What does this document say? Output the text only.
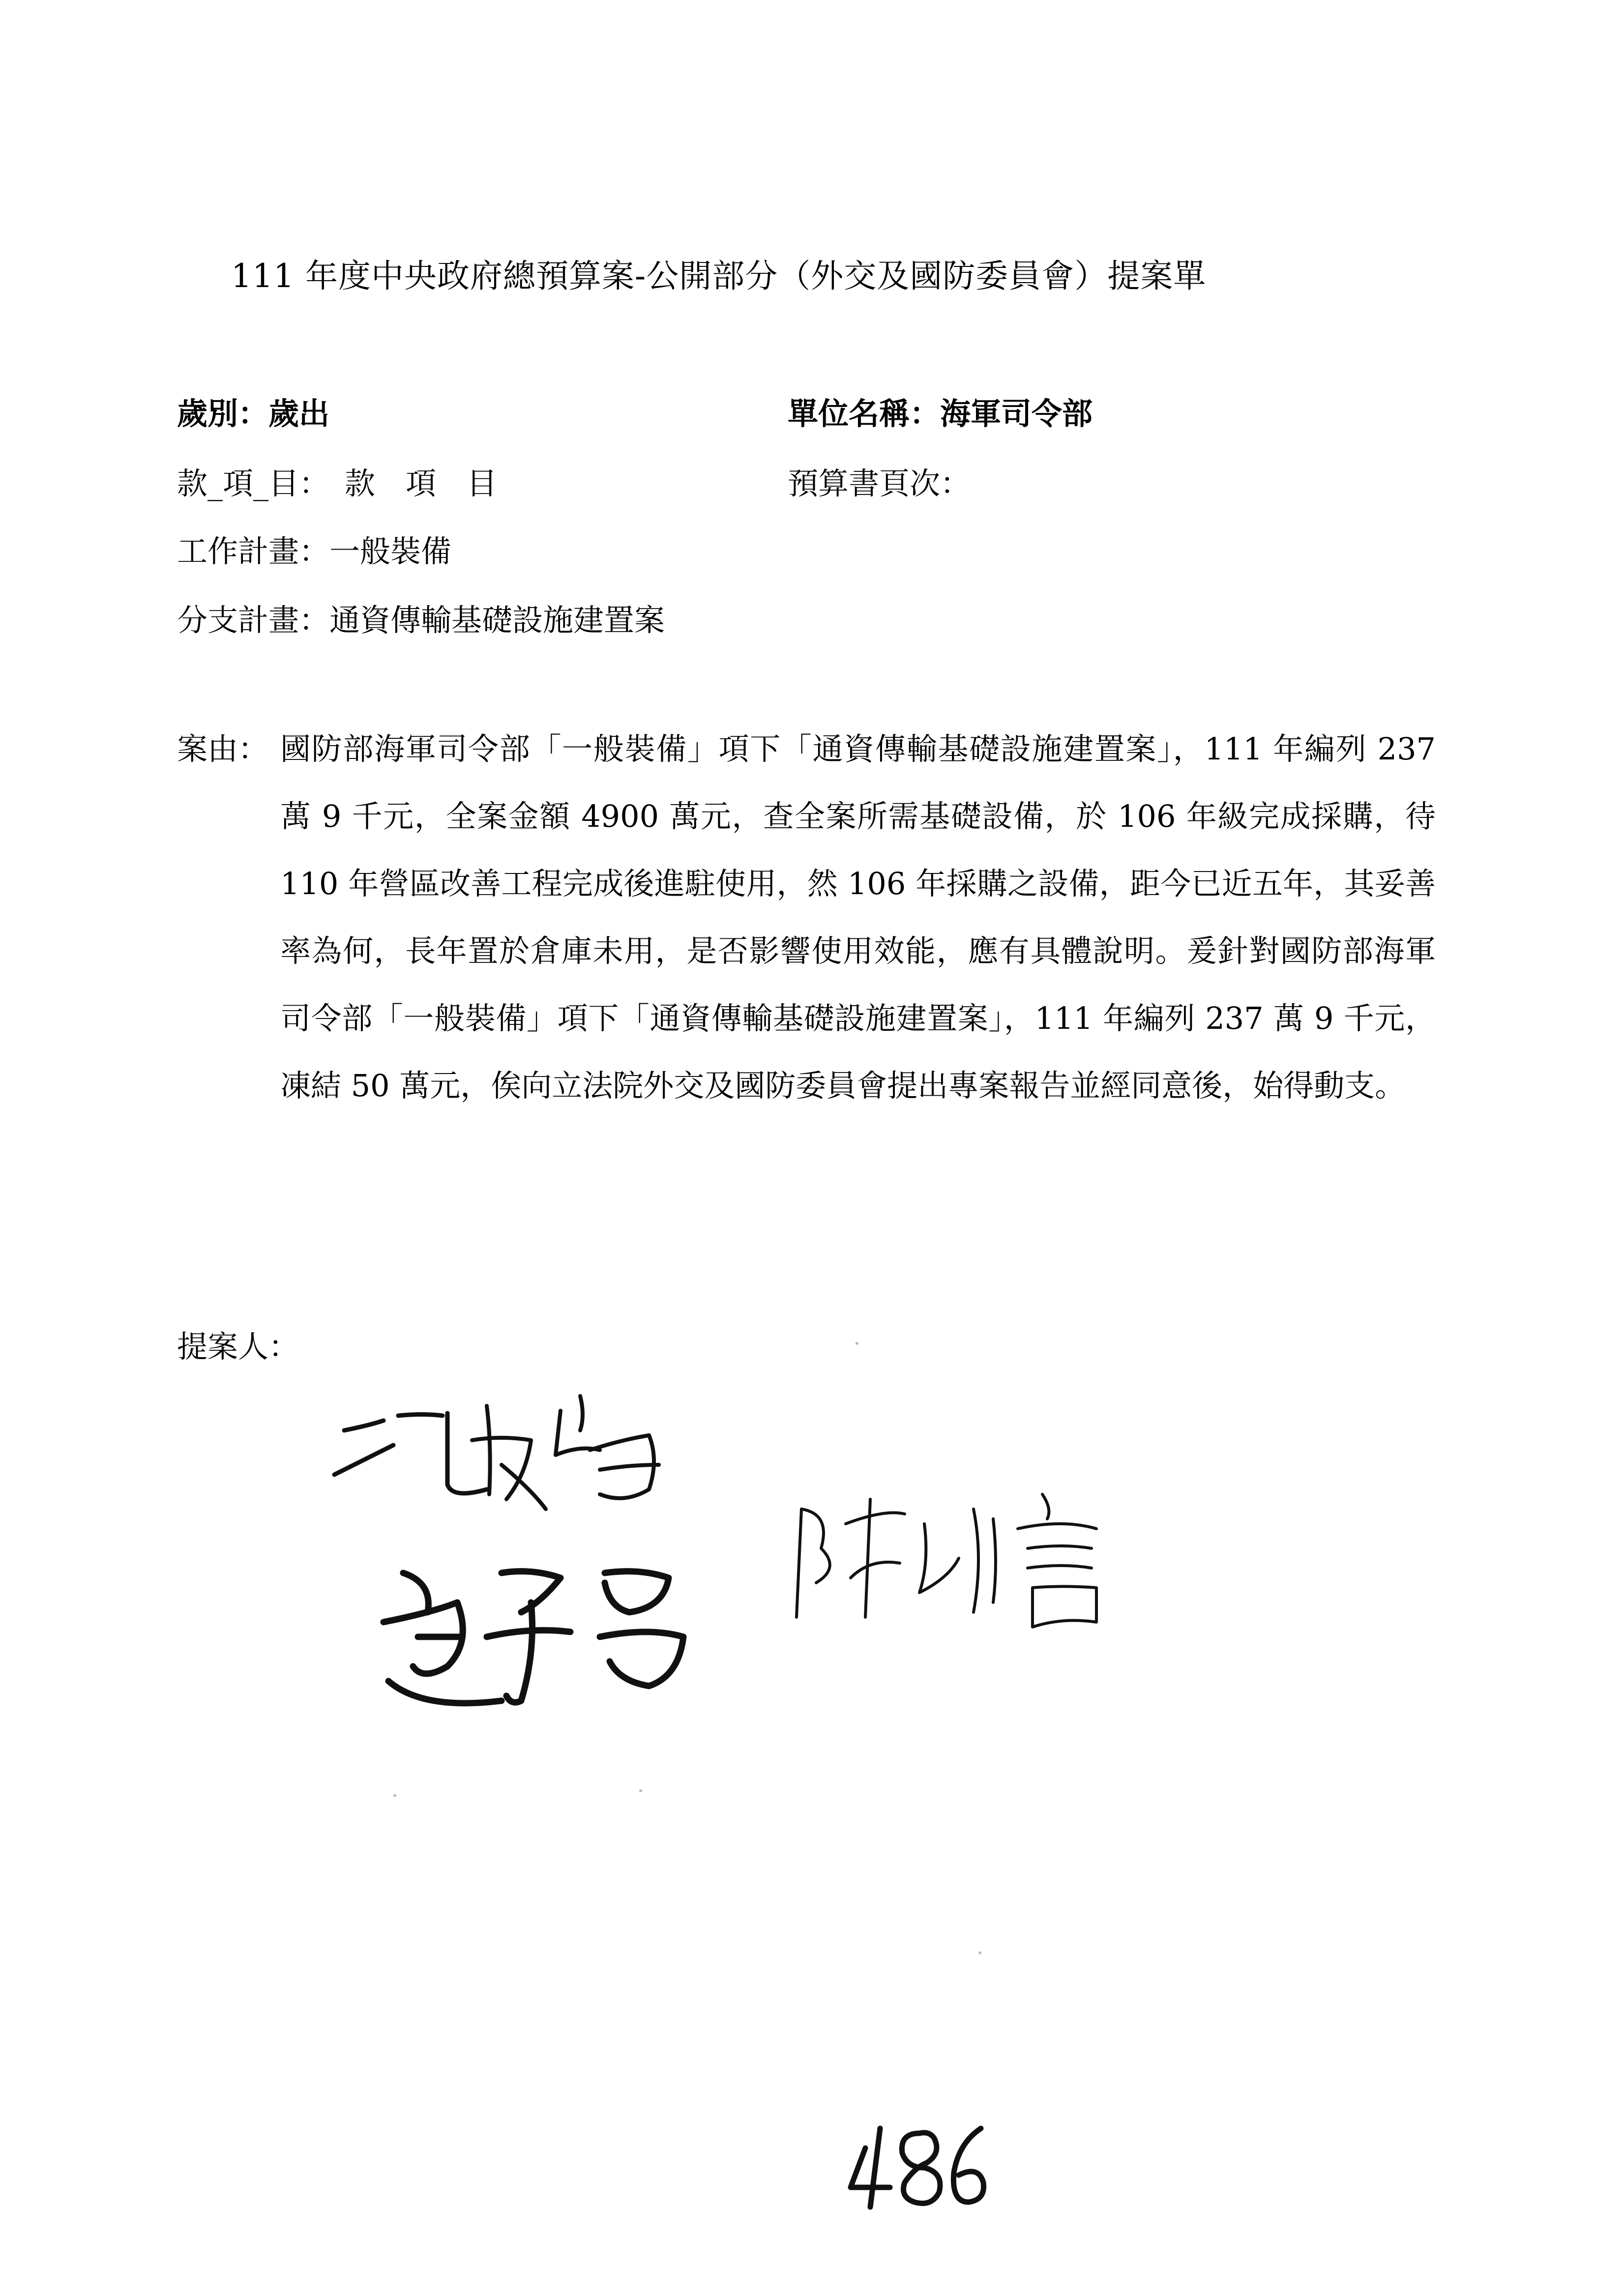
111 年度中央政府總預算案-公開部分（外交及國防委員會）提案單
歲別：歲出	單位名稱：海軍司令部
款_項_目：　款　項　目	預算書頁次：
工作計畫：一般裝備
分支計畫：通資傳輸基礎設施建置案
案由： 國防部海軍司令部「一般裝備」項下「通資傳輸基礎設施建置案」，111 年編列 237 萬 9 千元，全案金額 4900 萬元，查全案所需基礎設備，於 106 年級完成採購，待 110 年營區改善工程完成後進駐使用，然 106 年採購之設備，距今已近五年，其妥善率為何，長年置於倉庫未用，是否影響使用效能，應有具體說明。爰針對國防部海軍司令部「一般裝備」項下「通資傳輸基礎設施建置案」，111 年編列 237 萬 9 千元，凍結 50 萬元，俟向立法院外交及國防委員會提出專案報告並經同意後，始得動支。
提案人：
